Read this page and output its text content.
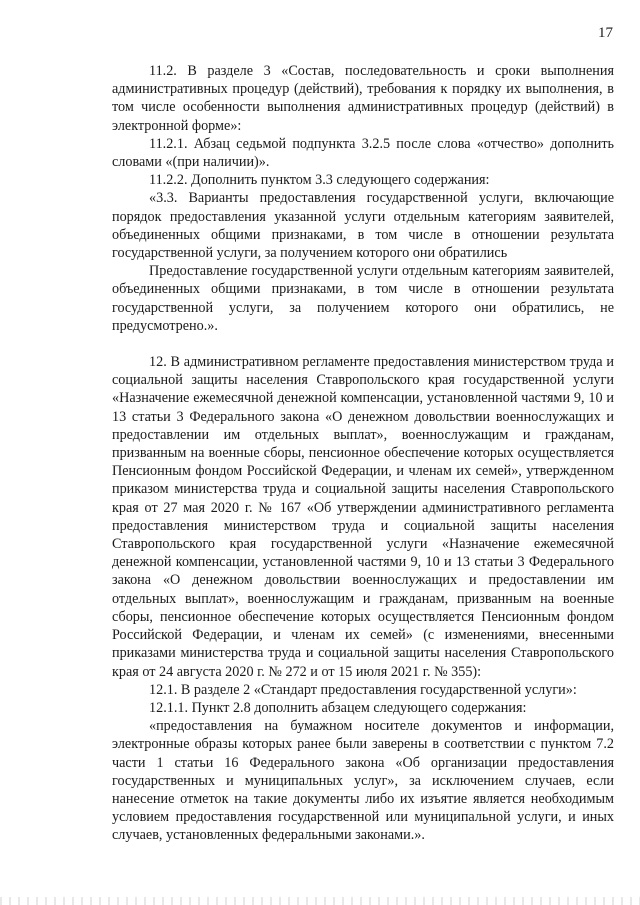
17

11.2. В разделе 3 «Состав, последовательность и сроки выполнения административных процедур (действий), требования к порядку их выполнения, в том числе особенности выполнения административных процедур (действий) в электронной форме»:

11.2.1. Абзац седьмой подпункта 3.2.5 после слова «отчество» дополнить словами «(при наличии)».

11.2.2. Дополнить пунктом 3.3 следующего содержания:

«3.3. Варианты предоставления государственной услуги, включающие порядок предоставления указанной услуги отдельным категориям заявителей, объединенных общими признаками, в том числе в отношении результата государственной услуги, за получением которого они обратились

Предоставление государственной услуги отдельным категориям заявителей, объединенных общими признаками, в том числе в отношении результата государственной услуги, за получением которого они обратились, не предусмотрено.».

12. В административном регламенте предоставления министерством труда и социальной защиты населения Ставропольского края государственной услуги «Назначение ежемесячной денежной компенсации, установленной частями 9, 10 и 13 статьи 3 Федерального закона «О денежном довольствии военнослужащих и предоставлении им отдельных выплат», военнослужащим и гражданам, призванным на военные сборы, пенсионное обеспечение которых осуществляется Пенсионным фондом Российской Федерации, и членам их семей», утвержденном приказом министерства труда и социальной защиты населения Ставропольского края от 27 мая 2020 г. № 167 «Об утверждении административного регламента предоставления министерством труда и социальной защиты населения Ставропольского края государственной услуги «Назначение ежемесячной денежной компенсации, установленной частями 9, 10 и 13 статьи 3 Федерального закона «О денежном довольствии военнослужащих и предоставлении им отдельных выплат», военнослужащим и гражданам, призванным на военные сборы, пенсионное обеспечение которых осуществляется Пенсионным фондом Российской Федерации, и членам их семей» (с изменениями, внесенными приказами министерства труда и социальной защиты населения Ставропольского края от 24 августа 2020 г. № 272 и от 15 июля 2021 г. № 355):

12.1. В разделе 2 «Стандарт предоставления государственной услуги»:

12.1.1. Пункт 2.8 дополнить абзацем следующего содержания:

«предоставления на бумажном носителе документов и информации, электронные образы которых ранее были заверены в соответствии с пунктом 7.2 части 1 статьи 16 Федерального закона «Об организации предоставления государственных и муниципальных услуг», за исключением случаев, если нанесение отметок на такие документы либо их изъятие является необходимым условием предоставления государственной или муниципальной услуги, и иных случаев, установленных федеральными законами.».
